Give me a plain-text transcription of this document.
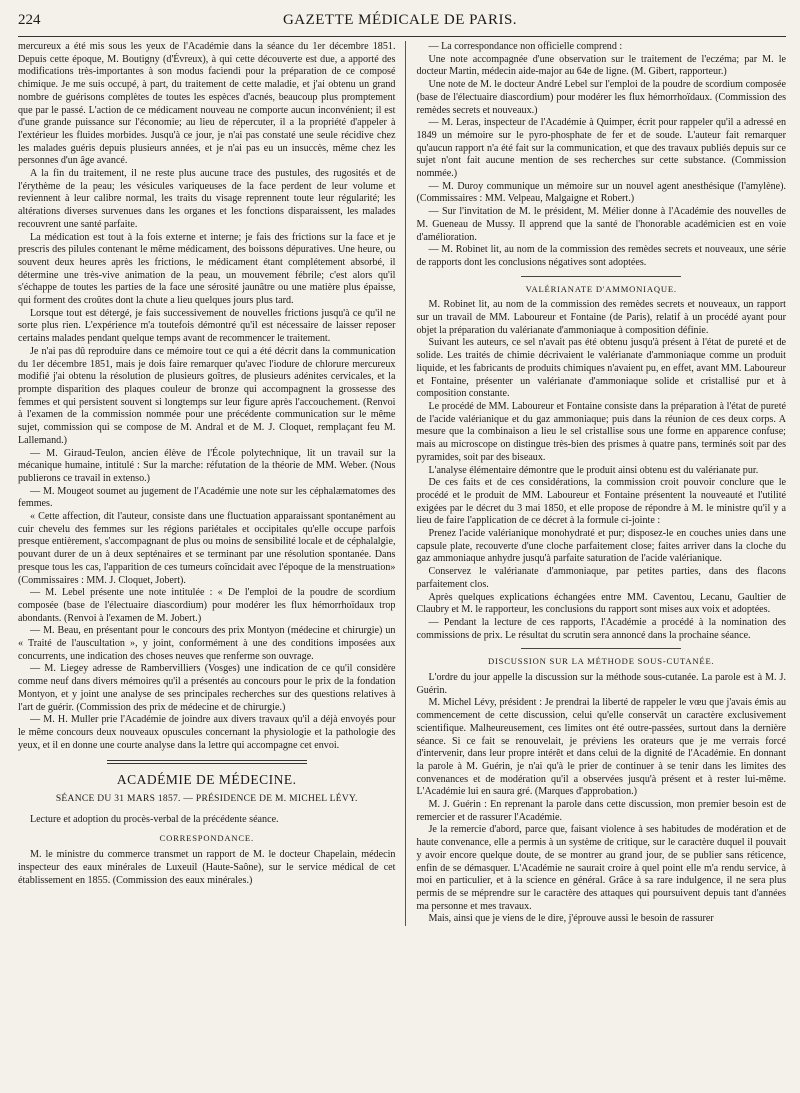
224	GAZETTE MÉDICALE DE PARIS.

mercureux a été mis sous les yeux de l'Académie dans la séance du 1er décembre 1851. Depuis cette époque, M. Boutigny (d'Évreux), à qui cette découverte est due, a apporté des modifications très-importantes à son modus faciendi pour la préparation de ce composé chimique. Je me suis occupé, à part, du traitement de cette maladie, et j'ai obtenu un grand nombre de guérisons complètes de toutes les espèces d'acnés, beaucoup plus promptement que par le passé. L'action de ce médicament nouveau ne comporte aucun inconvénient; il est d'une grande puissance sur l'économie; au lieu de répercuter, il a la propriété d'appeler à l'extérieur les fluides morbides. Jusqu'à ce jour, je n'ai pas constaté une seule récidive chez les malades guéris depuis plusieurs années, et je n'ai pas eu un insuccès, même chez les personnes d'un âge avancé.

A la fin du traitement, il ne reste plus aucune trace des pustules, des rugosités et de l'érythème de la peau; les vésicules variqueuses de la face perdent de leur volume et reviennent à leur calibre normal, les traits du visage reprennent toute leur régularité; les altérations diverses survenues dans les organes et les fonctions disparaissent, les malades recouvrent une santé parfaite.

La médication est tout à la fois externe et interne; je fais des frictions sur la face et je prescris des pilules contenant le même médicament, des boissons dépuratives. Une heure, ou souvent deux heures après les frictions, le médicament étant complétement absorbé, il détermine une très-vive animation de la peau, un mouvement fébrile; c'est alors qu'il s'échappe de toutes les parties de la face une sérosité jaunâtre ou une matière plus épaisse, qui forment des croûtes dont la chute a lieu quelques jours plus tard.

Lorsque tout est détergé, je fais successivement de nouvelles frictions jusqu'à ce qu'il ne sorte plus rien. L'expérience m'a toutefois démontré qu'il est nécessaire de laisser reposer certains malades pendant quelque temps avant de recommencer le traitement.

Je n'ai pas dû reproduire dans ce mémoire tout ce qui a été décrit dans la communication du 1er décembre 1851, mais je dois faire remarquer qu'avec l'iodure de chlorure mercureux modifié j'ai obtenu la résolution de plusieurs goîtres, de plusieurs adénites cervicales, et la prompte disparition des plaques couleur de bronze qui accompagnent la grossesse des femmes et qui persistent souvent si longtemps sur leur figure après l'accouchement. (Renvoi à l'examen de la commission nommée pour une précédente communication sur le même sujet, commission qui se compose de M. Andral et de M. J. Cloquet, remplaçant feu M. Lallemand.)

— M. Giraud-Teulon, ancien élève de l'École polytechnique, lit un travail sur la mécanique humaine, intitulé : Sur la marche: réfutation de la théorie de MM. Weber. (Nous publierons ce travail in extenso.)

— M. Mougeot soumet au jugement de l'Académie une note sur les céphalæmatomes des femmes.

« Cette affection, dit l'auteur, consiste dans une fluctuation apparaissant spontanément au cuir chevelu des femmes sur les régions pariétales et occipitales qu'elle occupe parfois presque entièrement, s'accompagnant de plus ou moins de sensibilité locale et de céphalalgie, pouvant durer de un à deux septénaires et se terminant par une résolution spontanée. Dans presque tous les cas, l'apparition de ces tumeurs coïncidait avec l'époque de la menstruation» (Commissaires : MM. J. Cloquet, Jobert).

— M. Lebel présente une note intitulée : « De l'emploi de la poudre de scordium composée (base de l'électuaire diascordium) pour modérer les flux hémorrhoïdaux trop abondants. (Renvoi à l'examen de M. Jobert.)

— M. Beau, en présentant pour le concours des prix Montyon (médecine et chirurgie) un « Traité de l'auscultation », y joint, conformément à une des conditions imposées aux concurrents, une indication des choses neuves que renferme son ouvrage.

— M. Liegey adresse de Rambervilliers (Vosges) une indication de ce qu'il considère comme neuf dans divers mémoires qu'il a présentés au concours pour le prix de la fondation Montyon, et y joint une analyse de ses principales recherches sur des questions relatives à l'art de guérir. (Commission des prix de médecine et de chirurgie.)

— M. H. Muller prie l'Académie de joindre aux divers travaux qu'il a déjà envoyés pour le même concours deux nouveaux opuscules concernant la physiologie et la pathologie des yeux, et il en donne une courte analyse dans la lettre qui accompagne cet envoi.

ACADÉMIE DE MÉDECINE.
SÉANCE DU 31 MARS 1857. — PRÉSIDENCE DE M. MICHEL LÉVY.

Lecture et adoption du procès-verbal de la précédente séance.

CORRESPONDANCE.

M. le ministre du commerce transmet un rapport de M. le docteur Chapelain, médecin inspecteur des eaux minérales de Luxeuil (Haute-Saône), sur le service médical de cet établissement en 1855. (Commission des eaux minérales.)

— La correspondance non officielle comprend :

Une note accompagnée d'une observation sur le traitement de l'eczéma; par M. le docteur Martin, médecin aide-major au 64e de ligne. (M. Gibert, rapporteur.)

Une note de M. le docteur André Lebel sur l'emploi de la poudre de scordium composée (base de l'électuaire diascordium) pour modérer les flux hémorrhoïdaux. (Commission des remèdes secrets et nouveaux.)

— M. Leras, inspecteur de l'Académie à Quimper, écrit pour rappeler qu'il a adressé en 1849 un mémoire sur le pyro-phosphate de fer et de soude. L'auteur fait remarquer qu'aucun rapport n'a été fait sur la communication, et que des travaux publiés depuis sur ce sujet n'ont fait aucune mention de ses recherches sur cette substance. (Commission nommée.)

— M. Duroy communique un mémoire sur un nouvel agent anesthésique (l'amylène). (Commissaires : MM. Velpeau, Malgaigne et Robert.)

— Sur l'invitation de M. le président, M. Mélier donne à l'Académie des nouvelles de M. Gueneau de Mussy. Il apprend que la santé de l'honorable académicien est en voie d'amélioration.

— M. Robinet lit, au nom de la commission des remèdes secrets et nouveaux, une série de rapports dont les conclusions négatives sont adoptées.

VALÉRIANATE D'AMMONIAQUE.

M. Robinet lit, au nom de la commission des remèdes secrets et nouveaux, un rapport sur un travail de MM. Laboureur et Fontaine (de Paris), relatif à un procédé ayant pour objet la préparation du valérianate d'ammoniaque à composition définie.

Suivant les auteurs, ce sel n'avait pas été obtenu jusqu'à présent à l'état de pureté et de solide. Les traités de chimie décrivaient le valérianate d'ammoniaque comme un produit liquide, et les fabricants de produits chimiques n'avaient pu, en effet, avant MM. Laboureur et Fontaine, présenter un valérianate d'ammoniaque solide et cristallisé pur et à composition constante.

Le procédé de MM. Laboureur et Fontaine consiste dans la préparation à l'état de pureté de l'acide valérianique et du gaz ammoniaque; puis dans la réunion de ces deux corps. A mesure que la combinaison a lieu le sel cristallise sous une forme en apparence confuse; mais au microscope on distingue très-bien des prismes à quatre pans, terminés soit par des pyramides, soit par des biseaux.

L'analyse élémentaire démontre que le produit ainsi obtenu est du valérianate pur.

De ces faits et de ces considérations, la commission croit pouvoir conclure que le procédé et le produit de MM. Laboureur et Fontaine présentent la nouveauté et l'utilité exigées par le décret du 3 mai 1850, et elle propose de répondre à M. le ministre qu'il y a lieu de faire l'application de ce décret à la formule ci-jointe :

Prenez l'acide valérianique monohydraté et pur; disposez-le en couches unies dans une capsule plate, recouverte d'une cloche parfaitement close; faites arriver dans la cloche du gaz ammoniaque anhydre jusqu'à parfaite saturation de l'acide valérianique.

Conservez le valérianate d'ammoniaque, par petites parties, dans des flacons parfaitement clos.

Après quelques explications échangées entre MM. Caventou, Lecanu, Gaultier de Claubry et M. le rapporteur, les conclusions du rapport sont mises aux voix et adoptées.

— Pendant la lecture de ces rapports, l'Académie a procédé à la nomination des commissions de prix. Le résultat du scrutin sera annoncé dans la prochaine séance.

DISCUSSION SUR LA MÉTHODE SOUS-CUTANÉE.

L'ordre du jour appelle la discussion sur la méthode sous-cutanée. La parole est à M. J. Guérin.

M. Michel Lévy, président : Je prendrai la liberté de rappeler le vœu que j'avais émis au commencement de cette discussion, celui qu'elle conservât un caractère exclusivement scientifique. Malheureusement, ces limites ont été outre-passées, surtout dans la dernière séance. Si ce fait se renouvelait, je préviens les orateurs que je me verrais forcé d'intervenir, dans leur propre intérêt et dans celui de la dignité de l'Académie. En donnant la parole à M. Guérin, je n'ai qu'à le prier de continuer à se tenir dans les limites des convenances et de modération qu'il a observées jusqu'à présent et à rester lui-même. L'Académie lui en saura gré. (Marques d'approbation.)

M. J. Guérin : En reprenant la parole dans cette discussion, mon premier besoin est de remercier et de rassurer l'Académie.

Je la remercie d'abord, parce que, faisant violence à ses habitudes de modération et de haute convenance, elle a permis à un système de critique, sur le caractère duquel il pouvait y avoir encore quelque doute, de se montrer au grand jour, de se publier sans réticence, enfin de se démasquer. L'Académie ne saurait croire à quel point elle m'a rendu service, à moi en particulier, et à la science en général. Grâce à sa rare indulgence, il ne sera plus permis de se méprendre sur le caractère des attaques qui poursuivent depuis tant d'années ma personne et mes travaux.

Mais, ainsi que je viens de le dire, j'éprouve aussi le besoin de rassurer
